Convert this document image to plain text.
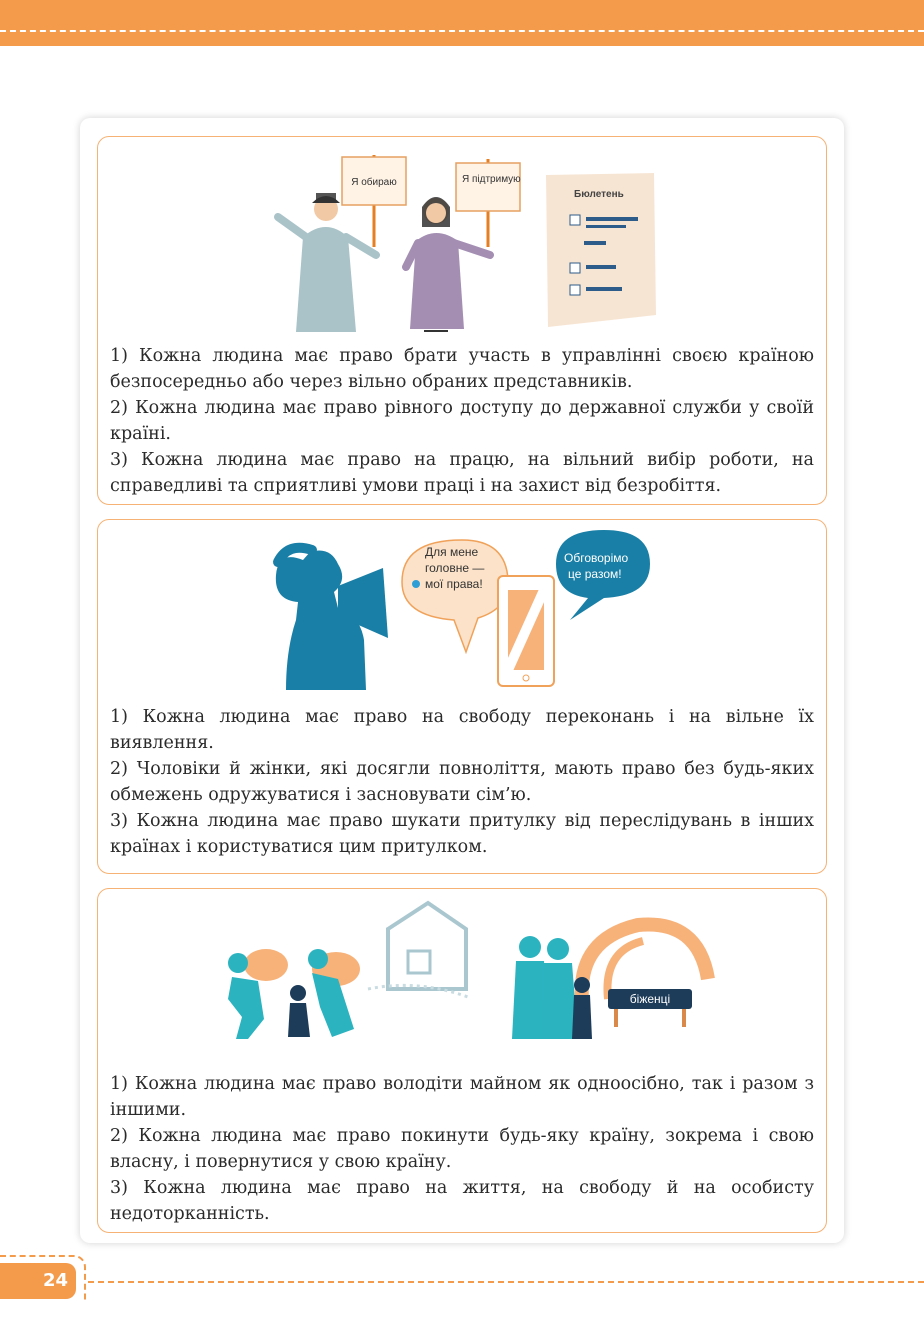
Я обираю	Я підтримую
Бюлетень

1) Кожна людина має право брати участь в управлінні своєю країною безпосередньо або через вільно обраних представників.

2) Кожна людина має право рівного доступу до державної служби у своїй країні.

3) Кожна людина має право на працю, на вільний вибір роботи, на справедливі та сприятливі умови праці і на захист від безробіття.

Для мене
головне —
мої права!
Обговорімо
це разом!

1) Кожна людина має право на свободу переконань і на вільне їх виявлення.

2) Чоловіки й жінки, які досягли повноліття, мають право без будь-яких обмежень одружуватися і засновувати сім’ю.

3) Кожна людина має право шукати притулку від переслідувань в інших країнах і користуватися цим притулком.

біженці

1) Кожна людина має право володіти майном як одноосібно, так і разом з іншими.

2) Кожна людина має право покинути будь-яку країну, зокрема і свою власну, і повернутися у свою країну.

3) Кожна людина має право на життя, на свободу й на особисту недоторканність.

24
